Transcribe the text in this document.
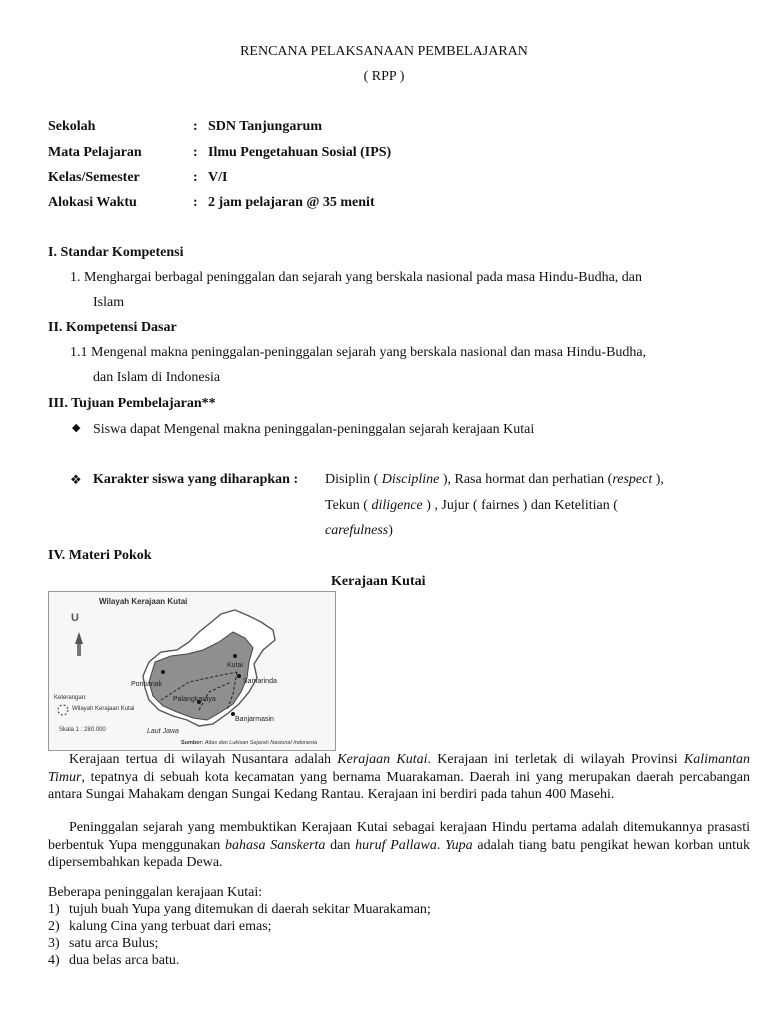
RENCANA PELAKSANAAN PEMBELAJARAN
( RPP )
Sekolah	: SDN Tanjungarum
Mata Pelajaran	: Ilmu Pengetahuan Sosial (IPS)
Kelas/Semester	: V/I
Alokasi Waktu	: 2 jam pelajaran @ 35 menit
I. Standar Kompetensi
1. Menghargai berbagal peninggalan dan sejarah yang berskala nasional pada masa Hindu-Budha, dan
Islam
II. Kompetensi Dasar
1.1 Mengenal makna peninggalan-peninggalan sejarah yang berskala nasional dan masa Hindu-Budha,
dan Islam di Indonesia
III. Tujuan Pembelajaran**
◆ Siswa dapat Mengenal makna peninggalan-peninggalan sejarah kerajaan Kutai
❖ Karakter siswa yang diharapkan : Disiplin ( Discipline ), Rasa hormat dan perhatian (respect ),
Tekun ( diligence ) , Jujur ( fairnes ) dan Ketelitian (
carefulness)
IV. Materi Pokok
Kerajaan Kutai
Wilayah Kerajaan Kutai
U
Keterangan:
Wilayah Kerajaan Kutai
Skala 1 : 280.000	Laut Jawa
Pontianak
Kutai
Samarinda
Palangkaraya
Banjarmasin
Sumber: Atlas dan Lukisan Sejarah Nasional Indonesia
Kerajaan tertua di wilayah Nusantara adalah Kerajaan Kutai. Kerajaan ini terletak di wilayah Provinsi Kalimantan Timur, tepatnya di sebuah kota kecamatan yang bernama Muarakaman. Daerah ini yang merupakan daerah percabangan antara Sungai Mahakam dengan Sungai Kedang Rantau. Kerajaan ini berdiri pada tahun 400 Masehi.
Peninggalan sejarah yang membuktikan Kerajaan Kutai sebagai kerajaan Hindu pertama adalah ditemukannya prasasti berbentuk Yupa menggunakan bahasa Sanskerta dan huruf Pallawa. Yupa adalah tiang batu pengikat hewan korban untuk dipersembahkan kepada Dewa.
Beberapa peninggalan kerajaan Kutai:
1) tujuh buah Yupa yang ditemukan di daerah sekitar Muarakaman;
2) kalung Cina yang terbuat dari emas;
3) satu arca Bulus;
4) dua belas arca batu.
